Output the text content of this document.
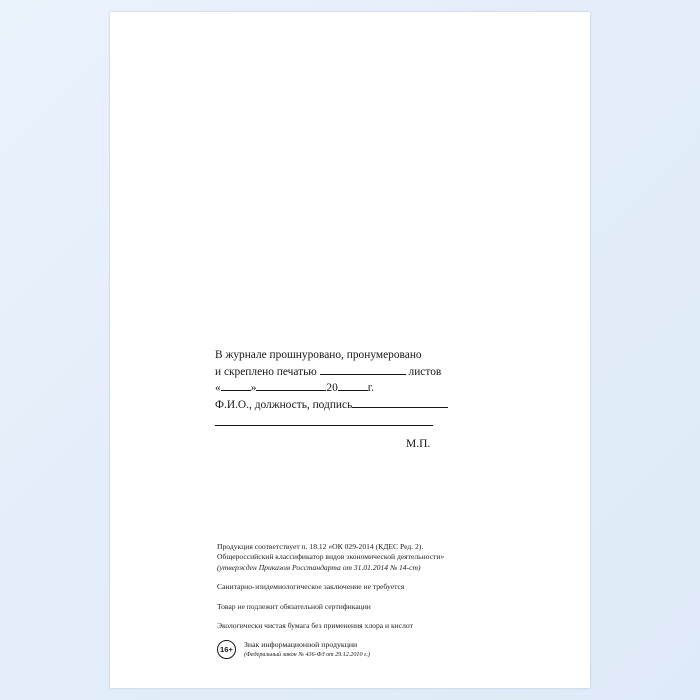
В журнале прошнуровано, пронумеровано
и скреплено печатью	листов
«	»	20	г.
Ф.И.О., должность, подпись
М.П.
Продукция соответствует п. 18.12 «ОК 029-2014 (КДЕС Ред. 2).
Общероссийский классификатор видов экономической деятельности»
(утвержден Приказом Росстандарта от 31.01.2014 № 14-ст)
Санитарно-эпидемиологическое заключение не требуется
Товар не подлежит обязательной сертификации
Экологически чистая бумага без применения хлора и кислот
16+
Знак информационной продукции
(Федеральный закон № 436-ФЗ от 29.12.2010 г.)
